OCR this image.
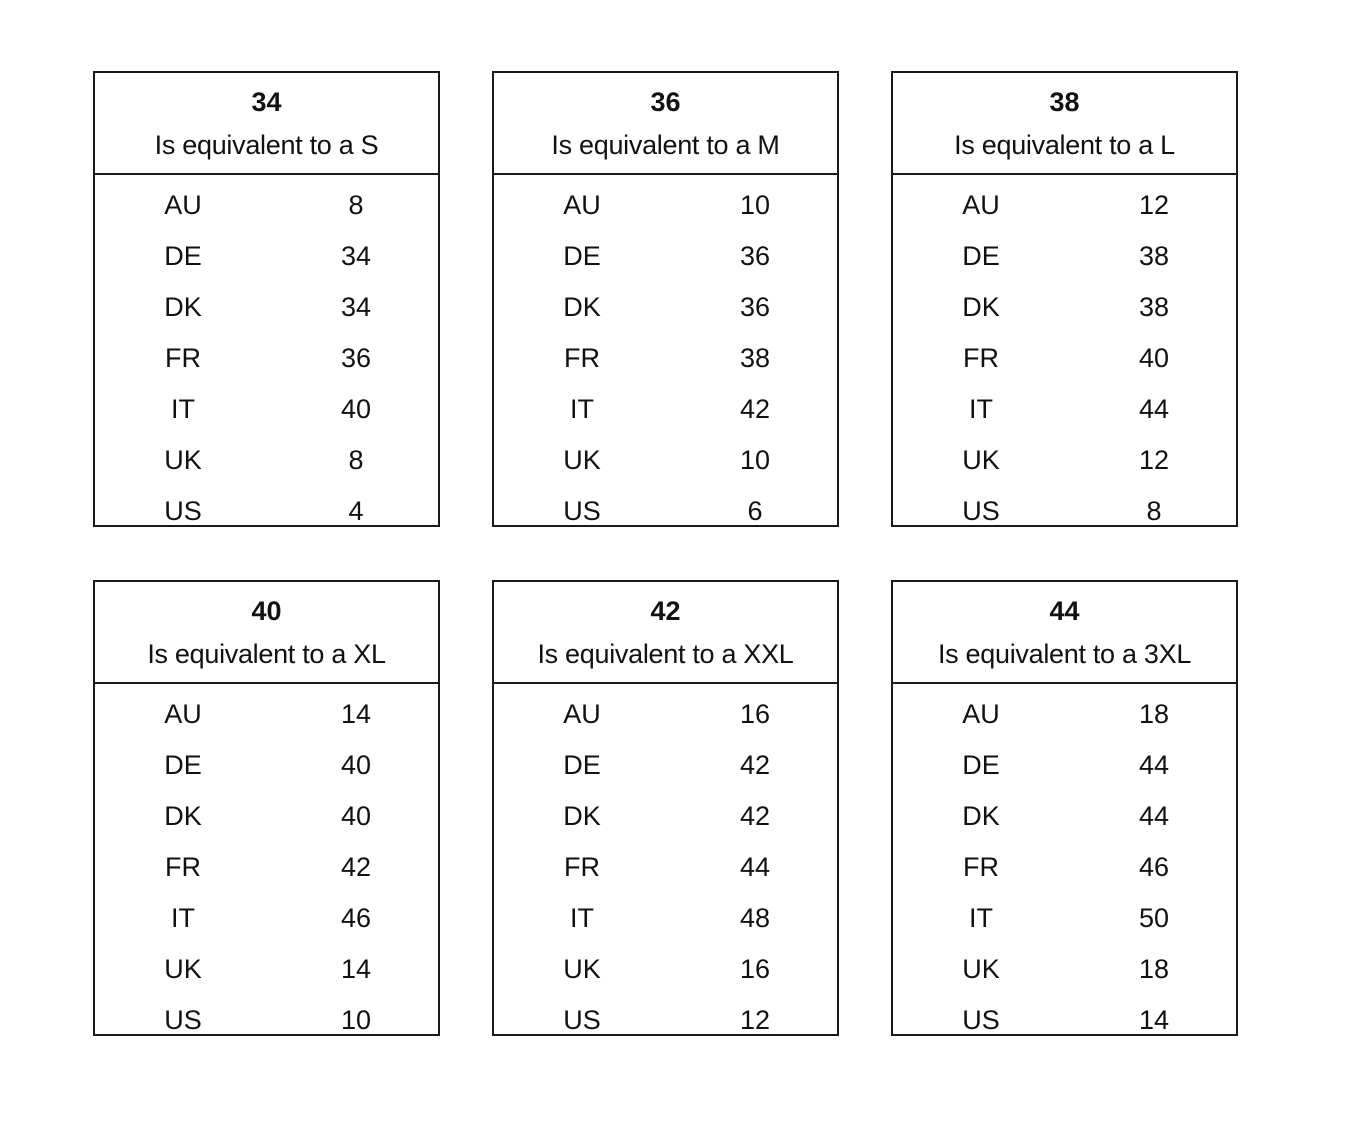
34
Is equivalent to a S
AU	8
DE	34
DK	34
FR	36
IT	40
UK	8
US	4
36
Is equivalent to a M
AU	10
DE	36
DK	36
FR	38
IT	42
UK	10
US	6
38
Is equivalent to a L
AU	12
DE	38
DK	38
FR	40
IT	44
UK	12
US	8
40
Is equivalent to a XL
AU	14
DE	40
DK	40
FR	42
IT	46
UK	14
US	10
42
Is equivalent to a XXL
AU	16
DE	42
DK	42
FR	44
IT	48
UK	16
US	12
44
Is equivalent to a 3XL
AU	18
DE	44
DK	44
FR	46
IT	50
UK	18
US	14
